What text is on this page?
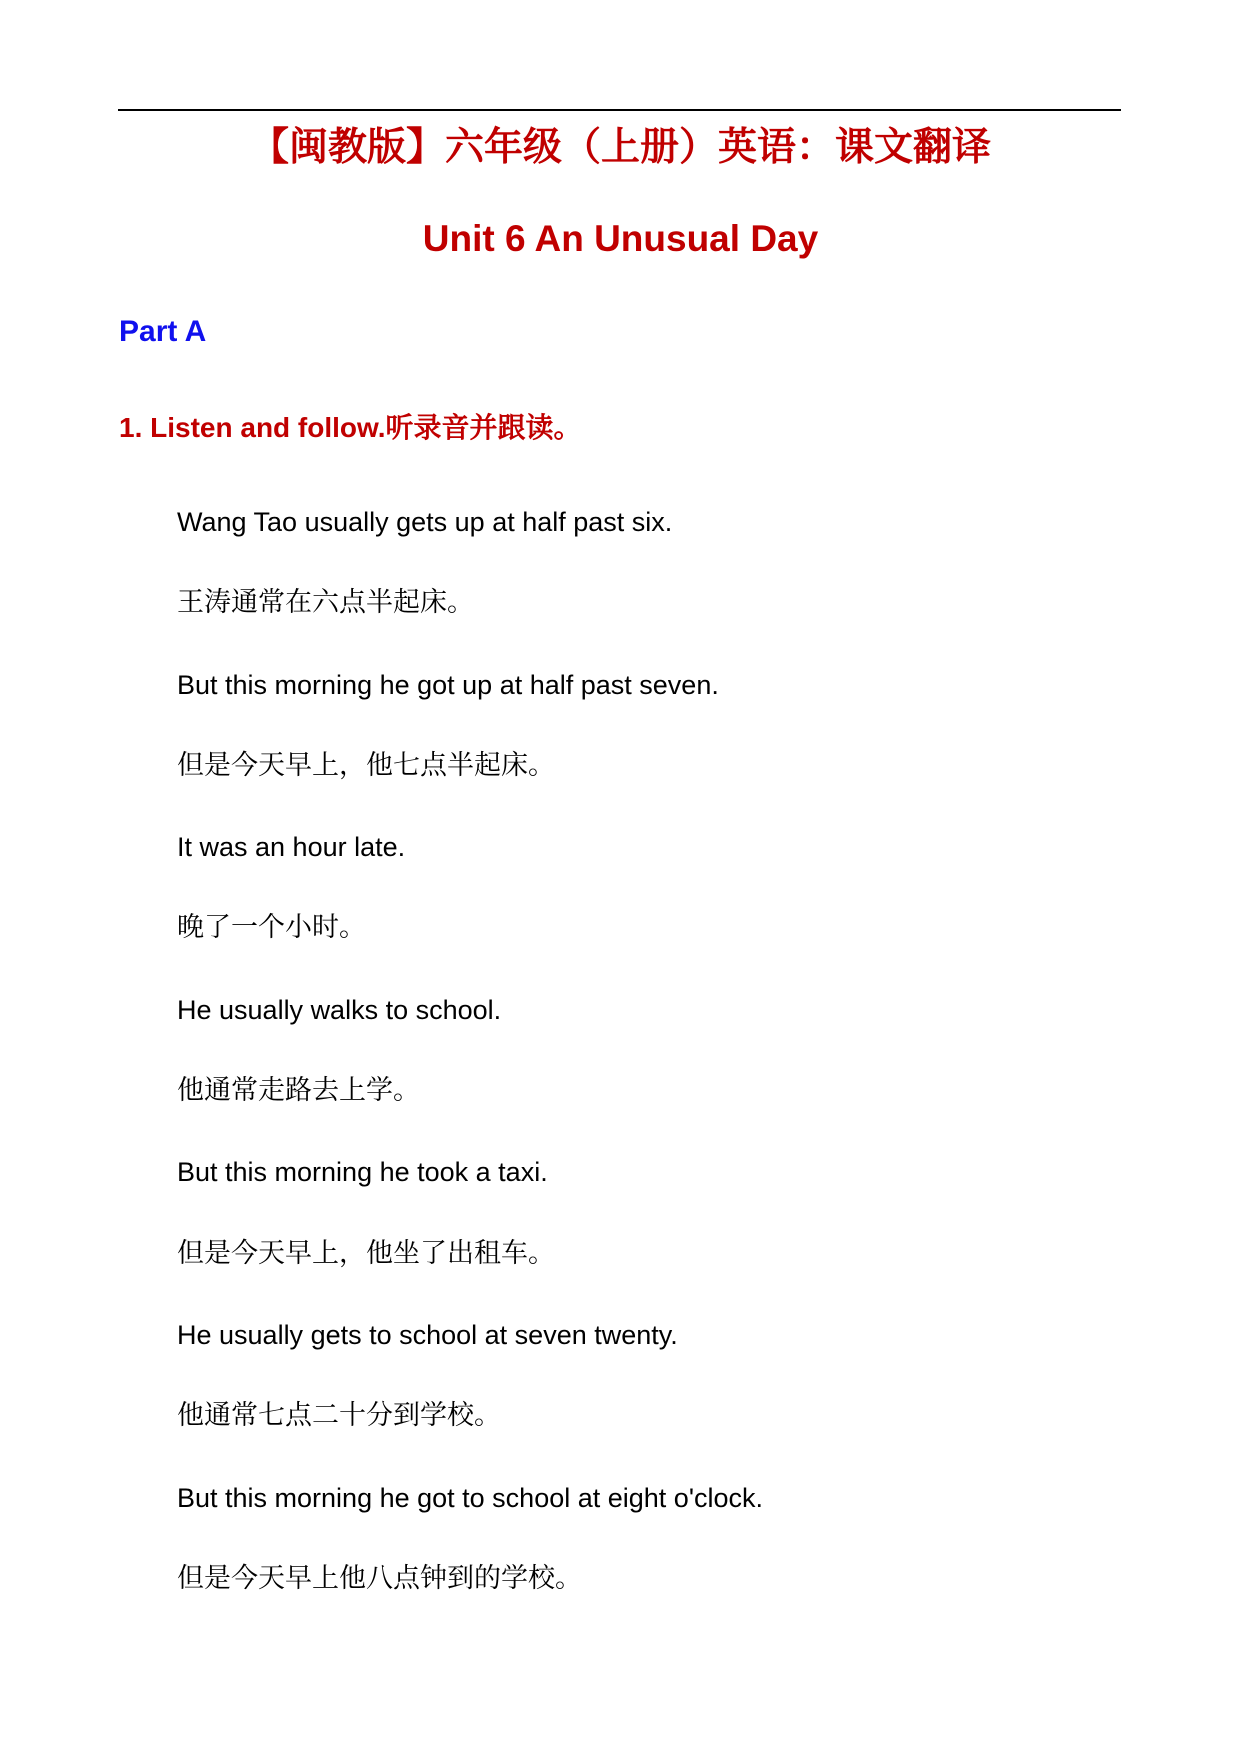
【闽教版】六年级（上册）英语：课文翻译
Unit 6 An Unusual Day
Part A
1. Listen and follow.听录音并跟读。
Wang Tao usually gets up at half past six.
王涛通常在六点半起床。
But this morning he got up at half past seven.
但是今天早上，他七点半起床。
It was an hour late.
晚了一个小时。
He usually walks to school.
他通常走路去上学。
But this morning he took a taxi.
但是今天早上，他坐了出租车。
He usually gets to school at seven twenty.
他通常七点二十分到学校。
But this morning he got to school at eight o'clock.
但是今天早上他八点钟到的学校。
